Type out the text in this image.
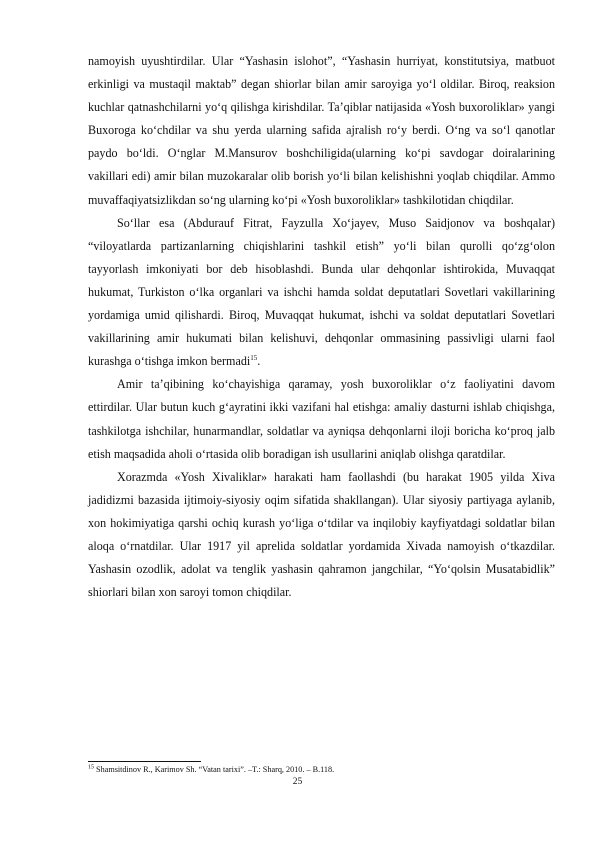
namoyish uyushtirdilar. Ular “Yashasin islohot”, “Yashasin hurriyat, konstitutsiya, matbuot erkinligi va mustaqil maktab” degan shiorlar bilan amir saroyiga yo‘l oldilar. Biroq, reaksion kuchlar qatnashchilarni yo‘q qilishga kirishdilar. Ta’qiblar natijasida «Yosh buxoroliklar» yangi Buxoroga ko‘chdilar va shu yerda ularning safida ajralish ro‘y berdi. O‘ng va so‘l qanotlar paydo bo‘ldi. O‘nglar M.Mansurov boshchiligida(ularning ko‘pi savdogar doiralarining vakillari edi) amir bilan muzokaralar olib borish yo‘li bilan kelishishni yoqlab chiqdilar. Ammo muvaffaqiyatsizlikdan so‘ng ularning ko‘pi «Yosh buxoroliklar» tashkilotidan chiqdilar.

So‘llar esa (Abdurauf Fitrat, Fayzulla Xo‘jayev, Muso Saidjonov va boshqalar) “viloyatlarda partizanlarning chiqishlarini tashkil etish” yo‘li bilan qurolli qo‘zg‘olon tayyorlash imkoniyati bor deb hisoblashdi. Bunda ular dehqonlar ishtirokida, Muvaqqat hukumat, Turkiston o‘lka organlari va ishchi hamda soldat deputatlari Sovetlari vakillarining yordamiga umid qilishardi. Biroq, Muvaqqat hukumat, ishchi va soldat deputatlari Sovetlari vakillarining amir hukumati bilan kelishuvi, dehqonlar ommasining passivligi ularni faol kurashga o‘tishga imkon bermadi$^{15}$.

Amir ta’qibining ko‘chayishiga qaramay, yosh buxoroliklar o‘z faoliyatini davom ettirdilar. Ular butun kuch g‘ayratini ikki vazifani hal etishga: amaliy dasturni ishlab chiqishga, tashkilotga ishchilar, hunarmandlar, soldatlar va ayniqsa dehqonlarni iloji boricha ko‘proq jalb etish maqsadida aholi o‘rtasida olib boradigan ish usullarini aniqlab olishga qaratdilar.

Xorazmda «Yosh Xivaliklar» harakati ham faollashdi (bu harakat 1905 yilda Xiva jadidizmi bazasida ijtimoiy-siyosiy oqim sifatida shakllangan). Ular siyosiy partiyaga aylanib, xon hokimiyatiga qarshi ochiq kurash yo‘liga o‘tdilar va inqilobiy kayfiyatdagi soldatlar bilan aloqa o‘rnatdilar. Ular 1917 yil aprelida soldatlar yordamida Xivada namoyish o‘tkazdilar. Yashasin ozodlik, adolat va tenglik yashasin qahramon jangchilar, “Yo‘qolsin Musatabidlik” shiorlari bilan xon saroyi tomon chiqdilar.

$^{15}$ Shamsitdinov R., Karimov Sh. “Vatan tarixi”. –T.: Sharq, 2010. – B.118.
25
